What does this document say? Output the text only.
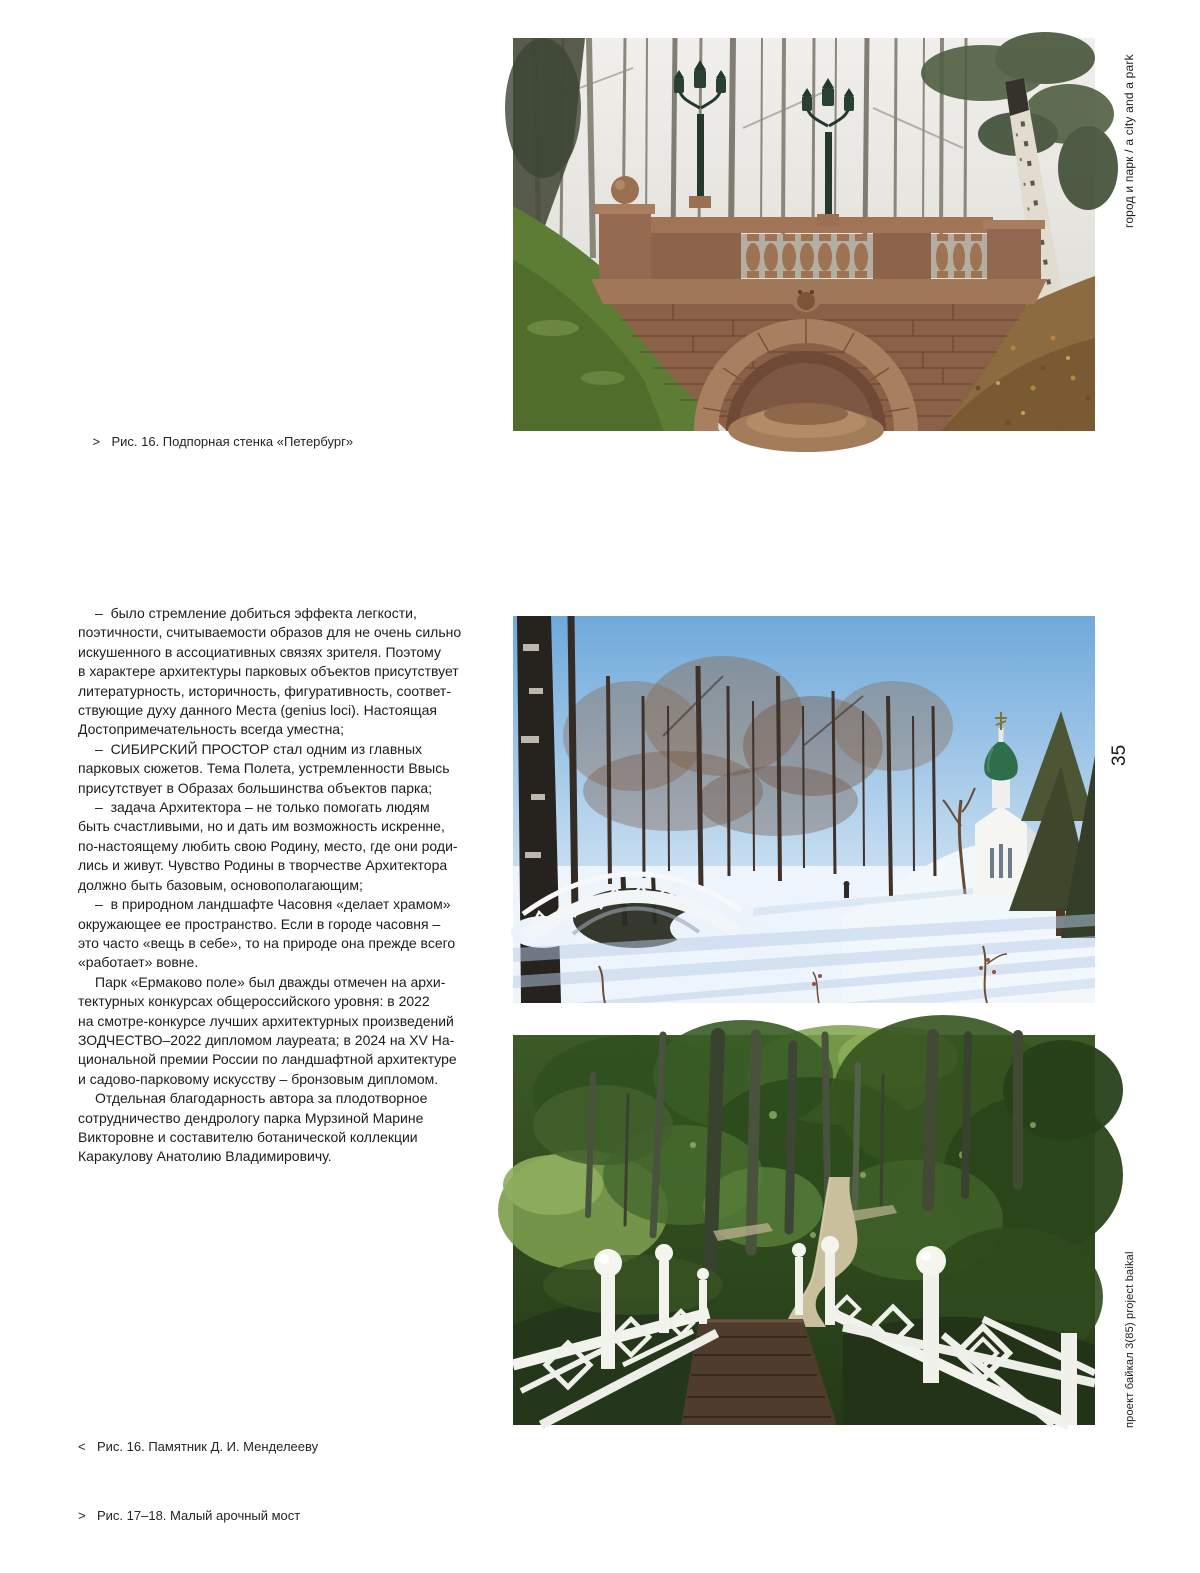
> Рис. 16. Подпорная стенка «Петербург»

–  было стремление добиться эффекта легкости,
поэтичности, считываемости образов для не очень сильно
искушенного в ассоциативных связях зрителя. Поэтому
в характере архитектуры парковых объектов присутствует
литературность, историчность, фигуративность, соответ-
ствующие духу данного Места (genius loci). Настоящая
Достопримечательность всегда уместна;
–  СИБИРСКИЙ ПРОСТОР стал одним из главных
парковых сюжетов. Тема Полета, устремленности Ввысь
присутствует в Образах большинства объектов парка;
–  задача Архитектора – не только помогать людям
быть счастливыми, но и дать им возможность искренне,
по-настоящему любить свою Родину, место, где они роди-
лись и живут. Чувство Родины в творчестве Архитектора
должно быть базовым, основополагающим;
–  в природном ландшафте Часовня «делает храмом»
окружающее ее пространство. Если в городе часовня –
это часто «вещь в себе», то на природе она прежде всего
«работает» вовне.
Парк «Ермаково поле» был дважды отмечен на архи-
тектурных конкурсах общероссийского уровня: в 2022
на смотре-конкурсе лучших архитектурных произведений
ЗОДЧЕСТВО–2022 дипломом лауреата; в 2024 на XV На-
циональной премии России по ландшафтной архитектуре
и садово-парковому искусству – бронзовым дипломом.
Отдельная благодарность автора за плодотворное
сотрудничество дендрологу парка Мурзиной Марине
Викторовне и составителю ботанической коллекции
Каракулову Анатолию Владимировичу.

< Рис. 16. Памятник Д. И. Менделееву

> Рис. 17–18. Малый арочный мост

город и парк / a city and a park
35
проект байкал 3(85) project baikal
